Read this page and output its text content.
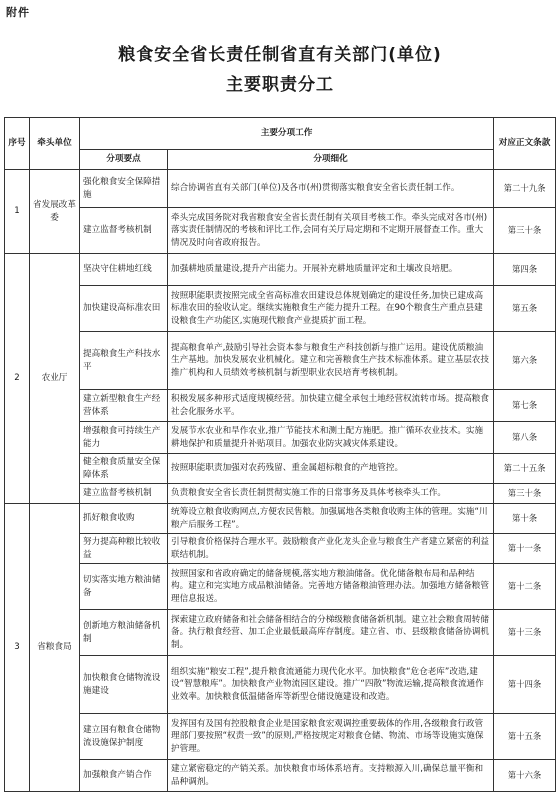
附件
粮食安全省长责任制省直有关部门(单位)
主要职责分工
序号	牵头单位	主要分项工作		对应正文条款
		分项要点	分项细化	
1	省发展改革委	强化粮食安全保障措施	综合协调省直有关部门(单位)及各市(州)贯彻落实粮食安全省长责任制工作。	第二十九条
		建立监督考核机制	牵头完成国务院对我省粮食安全省长责任制有关项目考核工作。牵头完成对各市(州)落实责任制情况的考核和评比工作,会同有关厅局定期和不定期开展督查工作。重大情况及时向省政府报告。	第三十条
2	农业厅	坚决守住耕地红线	加强耕地质量建设,提升产出能力。开展补充耕地质量评定和土壤改良培肥。	第四条
		加快建设高标准农田	按照职能职责按照完成全省高标准农田建设总体规划确定的建设任务,加快已建成高标准农田的验收认定。继续实施粮食生产能力提升工程。在90个粮食生产重点县建设粮食生产功能区,实施现代粮食产业提质扩面工程。	第五条
		提高粮食生产科技水平	提高粮食单产,鼓励引导社会资本参与粮食生产科技创新与推广运用。建设优质粮油生产基地。加快发展农业机械化。建立和完善粮食生产技术标准体系。建立基层农技推广机构和人员绩效考核机制与新型职业农民培育考核机制。	第六条
		建立新型粮食生产经营体系	积极发展多种形式适度规模经营。加快建立健全承包土地经营权流转市场。提高粮食社会化服务水平。	第七条
		增强粮食可持续生产能力	发展节水农业和旱作农业,推广节能技术和测土配方施肥。推广循环农业技术。实施耕地保护和质量提升补贴项目。加强农业防灾减灾体系建设。	第八条
		健全粮食质量安全保障体系	按照职能职责加强对农药残留、重金属超标粮食的产地管控。	第二十五条
		建立监督考核机制	负责粮食安全省长责任制贯彻实施工作的日常事务及具体考核牵头工作。	第三十条
3	省粮食局	抓好粮食收购	统筹设立粮食收购网点,方便农民售粮。加强属地各类粮食收购主体的管理。实施“川粮产后服务工程”。	第十条
		努力提高种粮比较收益	引导粮食价格保持合理水平。鼓励粮食产业化龙头企业与粮食生产者建立紧密的利益联结机制。	第十一条
		切实落实地方粮油储备	按照国家和省政府确定的储备规模,落实地方粮油储备。优化储备粮布局和品种结构。建立和完实地方成品粮油储备。完善地方储备粮油管理办法。加强地方储备粮管理信息报送。	第十二条
		创新地方粮油储备机制	探索建立政府储备和社会储备相结合的分梯级粮食储备新机制。建立社会粮食周转储备。执行粮食经营、加工企业最低最高库存制度。建立省、市、县级粮食储备协调机制。	第十三条
		加快粮食仓储物流设施建设	组织实施“粮安工程”,提升粮食流通能力现代化水平。加快粮食“危仓老库”改造,建设“智慧粮库”。加快粮食产业物流园区建设。推广“四散”物流运输,提高粮食流通作业效率。加快粮食低温储备库等新型仓储设施建设和改造。	第十四条
		建立国有粮食仓储物流设施保护制度	发挥国有及国有控股粮食企业是国家粮食宏观调控重要载体的作用,各级粮食行政管理部门要按照“权责一致”的原则,严格按规定对粮食仓储、物流、市场等设施实施保护管理。	第十五条
		加强粮食产销合作	建立紧密稳定的产销关系。加快粮食市场体系培育。支持粮源入川,确保总量平衡和品种调剂。	第十六条
